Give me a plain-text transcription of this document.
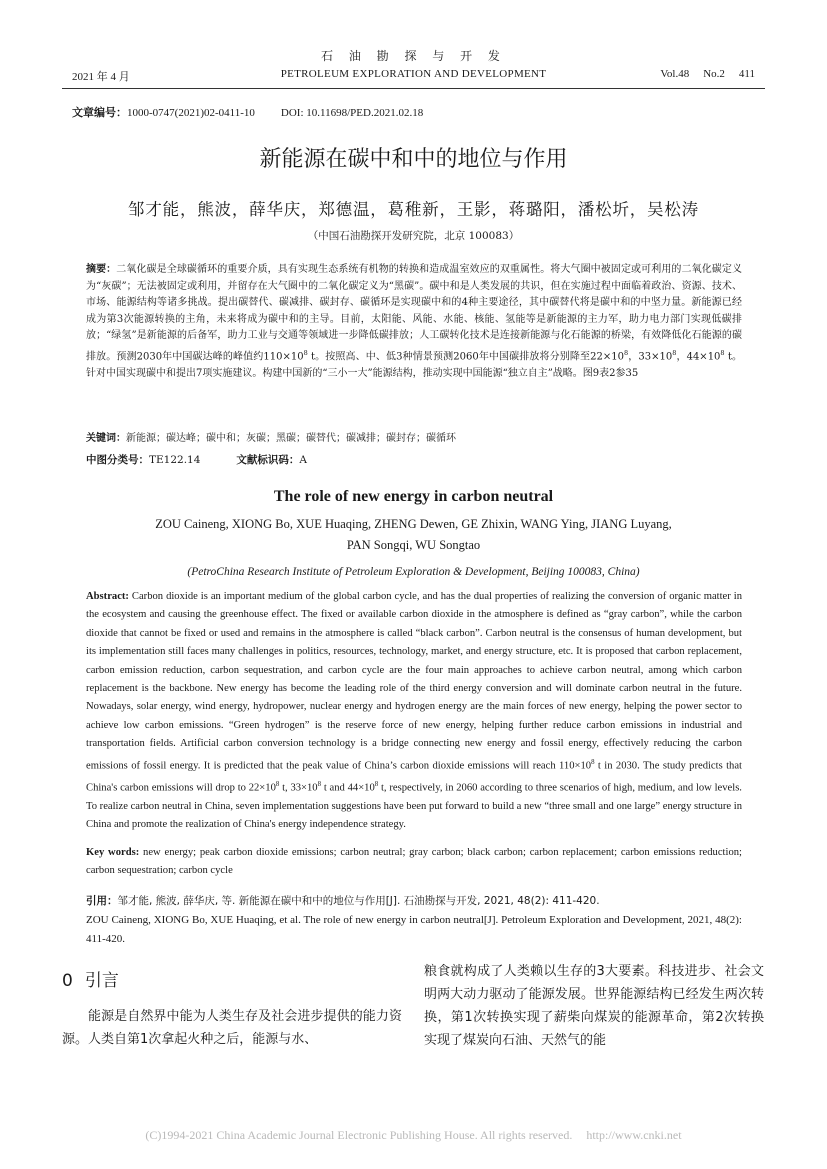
石 油 勘 探 与 开 发
2021 年 4 月	PETROLEUM EXPLORATION AND DEVELOPMENT	Vol.48 No.2 411
文章编号：1000-0747(2021)02-0411-10 DOI: 10.11698/PED.2021.02.18
新能源在碳中和中的地位与作用
邹才能，熊波，薛华庆，郑德温，葛稚新，王影，蒋璐阳，潘松圻，吴松涛
（中国石油勘探开发研究院，北京 100083）
摘要：二氧化碳是全球碳循环的重要介质，具有实现生态系统有机物的转换和造成温室效应的双重属性。将大气圈中被固定或可利用的二氧化碳定义为“灰碳”；无法被固定或利用，并留存在大气圈中的二氧化碳定义为“黑碳”。碳中和是人类发展的共识，但在实施过程中面临着政治、资源、技术、市场、能源结构等诸多挑战。提出碳替代、碳减排、碳封存、碳循环是实现碳中和的4种主要途径，其中碳替代将是碳中和的中坚力量。新能源已经成为第3次能源转换的主角，未来将成为碳中和的主导。目前，太阳能、风能、水能、核能、氢能等是新能源的主力军，助力电力部门实现低碳排放；“绿氢”是新能源的后备军，助力工业与交通等领域进一步降低碳排放；人工碳转化技术是连接新能源与化石能源的桥梁，有效降低化石能源的碳排放。预测2030年中国碳达峰的峰值约$110\times 10^8$ t。按照高、中、低3种情景预测2060年中国碳排放将分别降至$22\times 10^8$，$33\times 10^8$，$44\times 10^8$ t。针对中国实现碳中和提出7项实施建议。构建中国新的“三小一大”能源结构，推动实现中国能源“独立自主”战略。图9表2参35
关键词：新能源；碳达峰；碳中和；灰碳；黑碳；碳替代；碳减排；碳封存；碳循环
中图分类号：TE122.14	文献标识码：A
The role of new energy in carbon neutral
ZOU Caineng, XIONG Bo, XUE Huaqing, ZHENG Dewen, GE Zhixin, WANG Ying, JIANG Luyang, PAN Songqi, WU Songtao
(PetroChina Research Institute of Petroleum Exploration & Development, Beijing 100083, China)
Abstract: Carbon dioxide is an important medium of the global carbon cycle, and has the dual properties of realizing the conversion of organic matter in the ecosystem and causing the greenhouse effect. The fixed or available carbon dioxide in the atmosphere is defined as “gray carbon”, while the carbon dioxide that cannot be fixed or used and remains in the atmosphere is called “black carbon”. Carbon neutral is the consensus of human development, but its implementation still faces many challenges in politics, resources, technology, market, and energy structure, etc. It is proposed that carbon replacement, carbon emission reduction, carbon sequestration, and carbon cycle are the four main approaches to achieve carbon neutral, among which carbon replacement is the backbone. New energy has become the leading role of the third energy conversion and will dominate carbon neutral in the future. Nowadays, solar energy, wind energy, hydropower, nuclear energy and hydrogen energy are the main forces of new energy, helping the power sector to achieve low carbon emissions. “Green hydrogen” is the reserve force of new energy, helping further reduce carbon emissions in industrial and transportation fields. Artificial carbon conversion technology is a bridge connecting new energy and fossil energy, effectively reducing the carbon emissions of fossil energy. It is predicted that the peak value of China’s carbon dioxide emissions will reach $110\times 10^8$ t in 2030. The study predicts that China's carbon emissions will drop to $22\times 10^8$ t, $33\times 10^8$ t and $44\times 10^8$ t, respectively, in 2060 according to three scenarios of high, medium, and low levels. To realize carbon neutral in China, seven implementation suggestions have been put forward to build a new “three small and one large” energy structure in China and promote the realization of China's energy independence strategy.
Key words: new energy; peak carbon dioxide emissions; carbon neutral; gray carbon; black carbon; carbon replacement; carbon emissions reduction; carbon sequestration; carbon cycle
引用：邹才能, 熊波, 薛华庆, 等. 新能源在碳中和中的地位与作用[J]. 石油勘探与开发, 2021, 48(2): 411-420.
ZOU Caineng, XIONG Bo, XUE Huaqing, et al. The role of new energy in carbon neutral[J]. Petroleum Exploration and Development, 2021, 48(2): 411-420.
0 引言

能源是自然界中能为人类生存及社会进步提供的能力资源。人类自第1次拿起火种之后，能源与水、

粮食就构成了人类赖以生存的3大要素。科技进步、社会文明两大动力驱动了能源发展。世界能源结构已经发生两次转换，第1次转换实现了薪柴向煤炭的能源革命，第2次转换实现了煤炭向石油、天然气的能

(C)1994-2021 China Academic Journal Electronic Publishing House. All rights reserved. http://www.cnki.net
